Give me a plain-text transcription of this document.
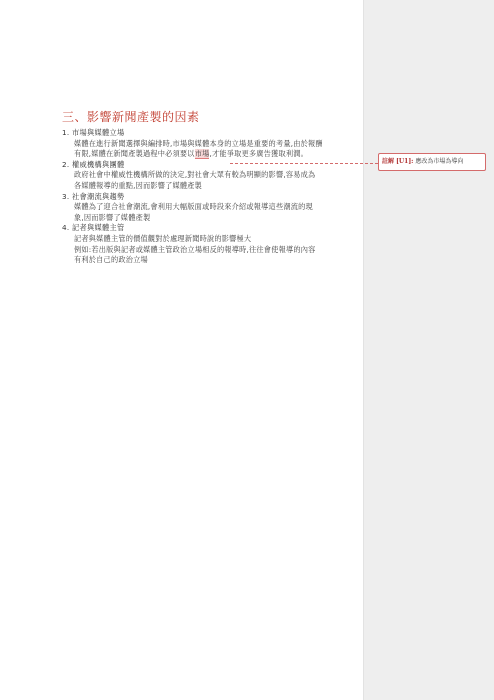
三、影響新聞產製的因素
1. 市場與媒體立場
媒體在進行新聞選擇與編排時,市場與媒體本身的立場是重要的考量,由於報酬
有限,媒體在新聞產製過程中必須要以市場,才能爭取更多廣告獲取利潤。
2. 權威機構與團體
政府社會中權威性機構所做的決定,對社會大眾有較為明顯的影響,容易成為
各媒體報導的重點,因而影響了媒體產製
3. 社會潮流與趨勢
媒體為了迎合社會潮流,會利用大幅版面或時段來介紹或報導這些潮流的現
象,因而影響了媒體產製
4. 記者與媒體主管
記者與媒體主管的價值觀對於處理新聞時說的影響極大
例如:若出版與記者或媒體主管政治立場相反的報導時,往往會使報導的內容
有利於自己的政治立場
註解 [U1]: 應改為市場為導向
